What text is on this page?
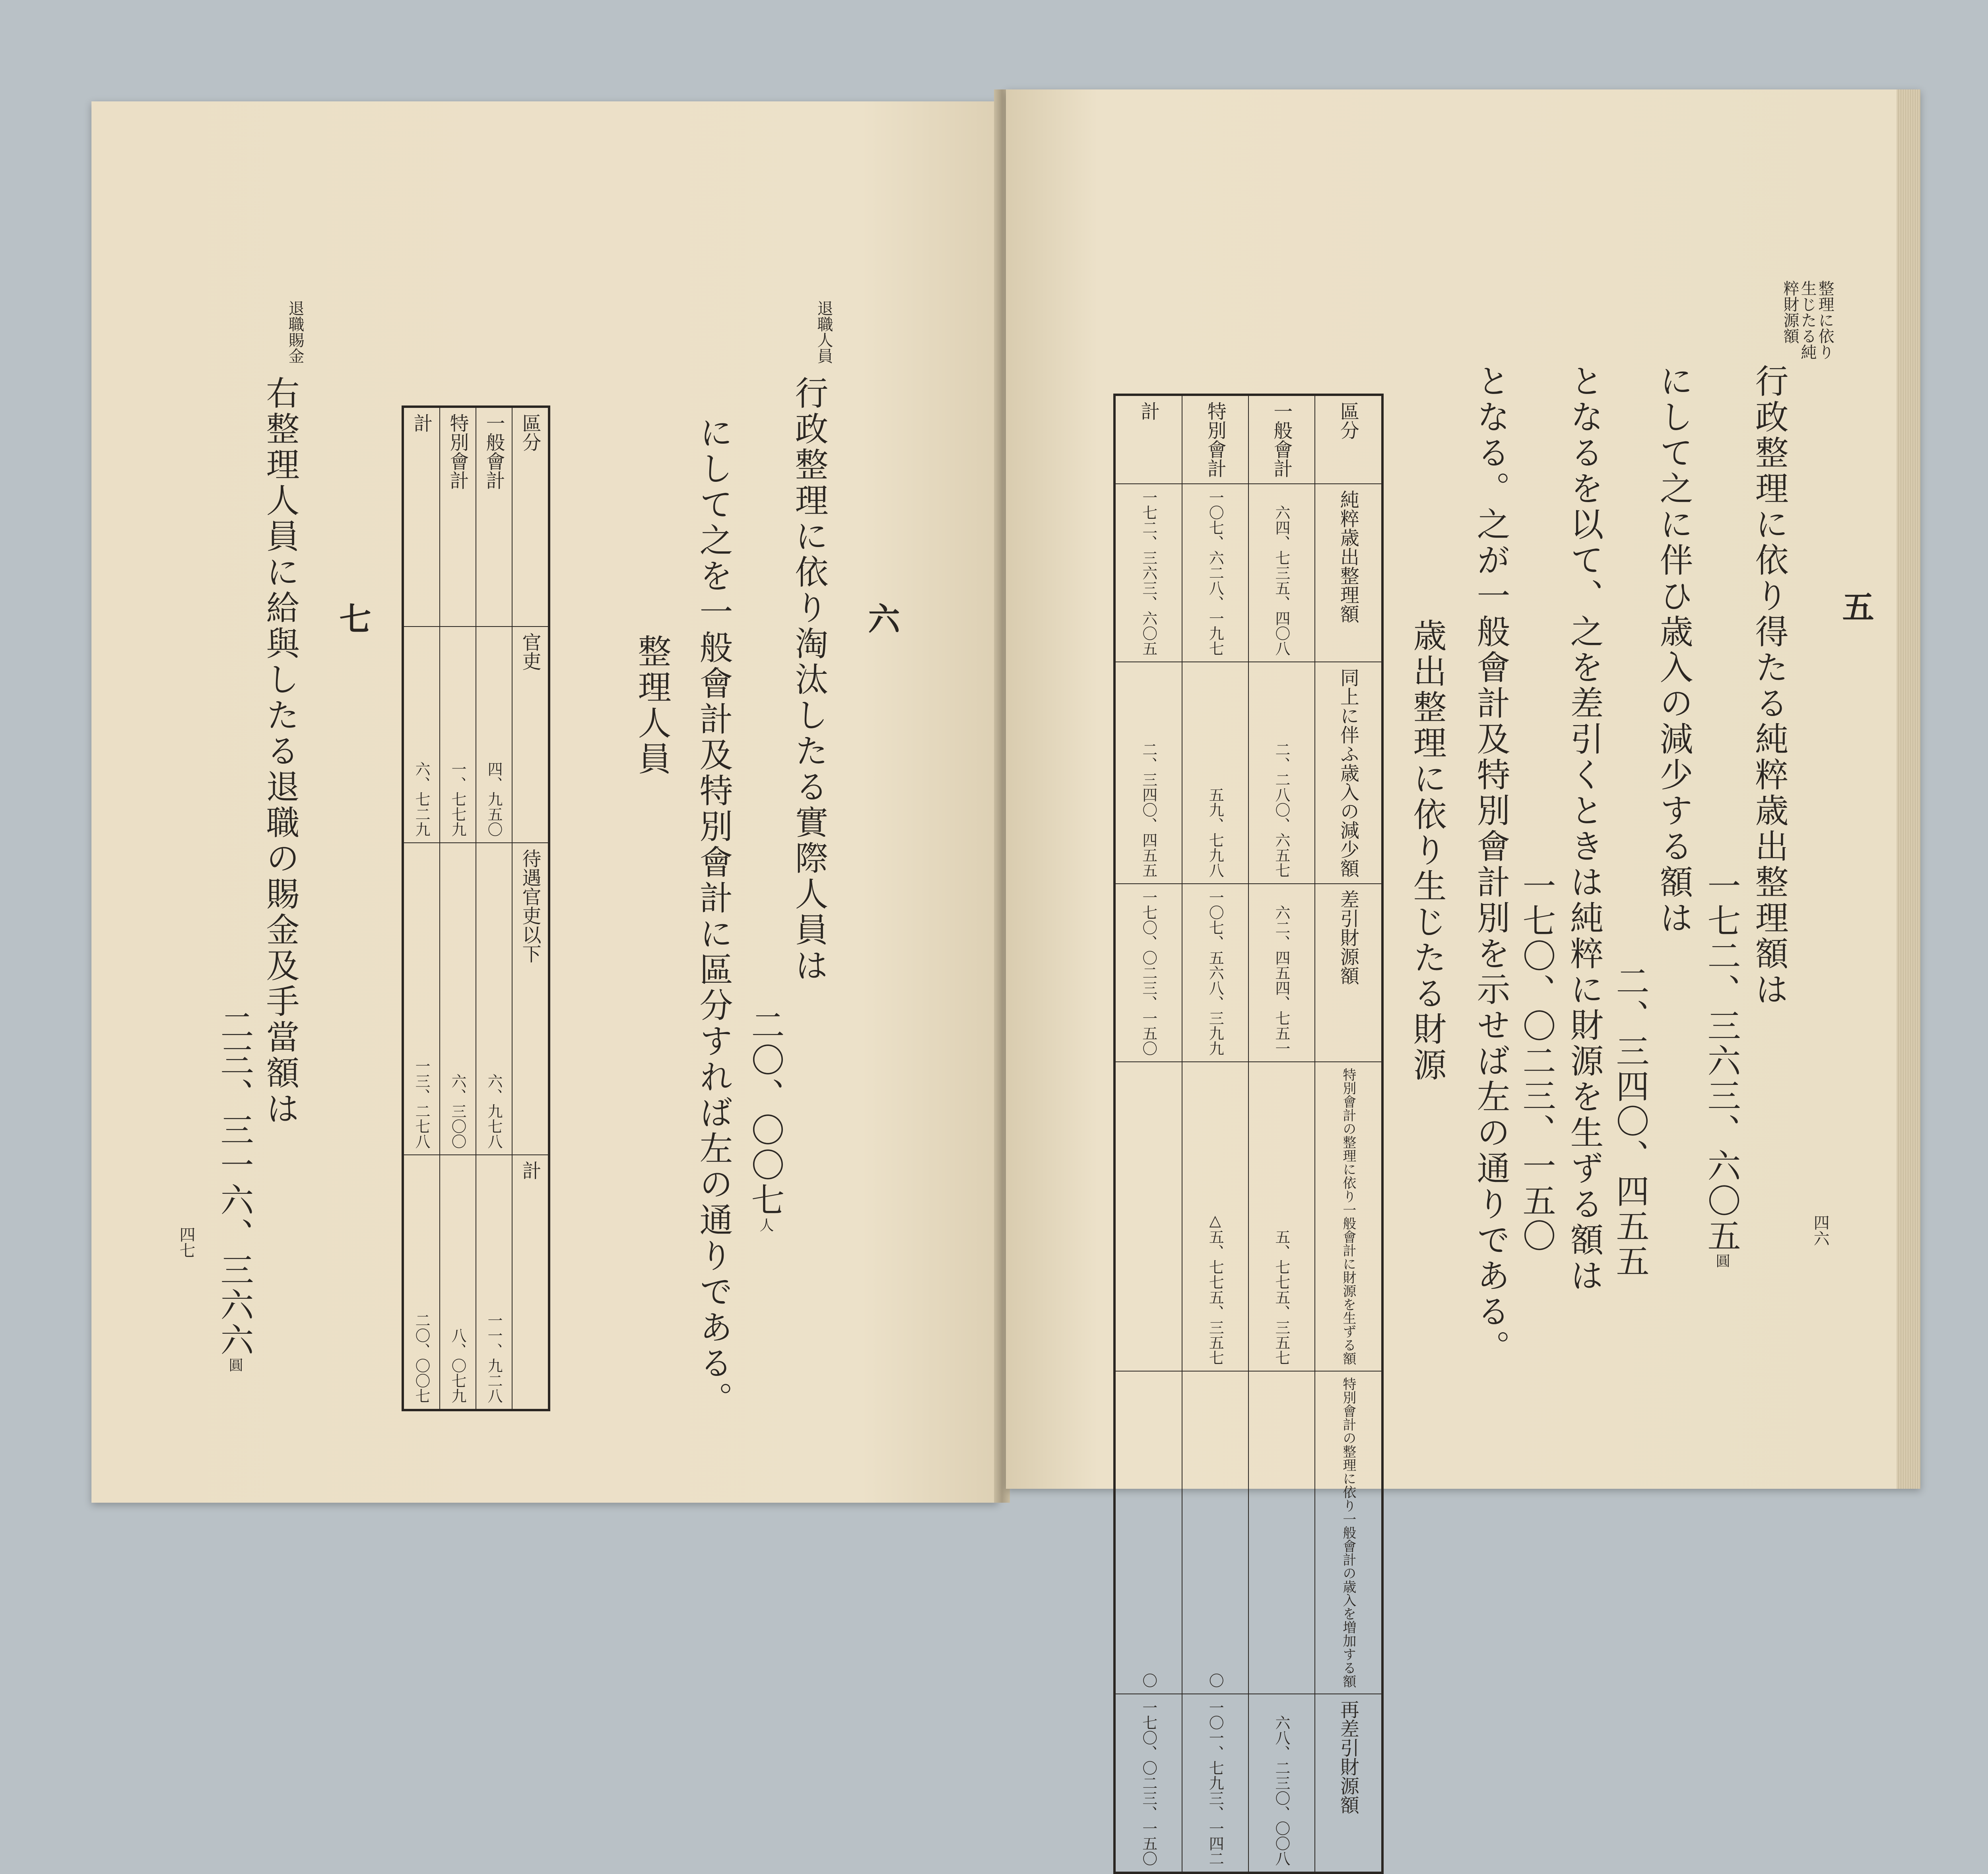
退職人員
行政整理に依り淘汰したる實際人員は 六
にして之を一般會計及特別會計に區分すれば左の通りである。 二〇、〇〇七人
整理人員
區分	官吏	待遇官吏以下	計
一般會計	四、九五〇	六、九七八	一一、九二八
特別會計	一、七七九	六、三〇〇	八、〇七九
計	六、七二九	一三、二七八	二〇、〇〇七
七
退職賜金
右整理人員に給與したる退職の賜金及手當額は
二三、三一六、三六六圓
四七
整理に依り生じたる純粹財源額
五
行政整理に依り得たる純粹歳出整理額は
一七二、三六三、六〇五圓
にして之に伴ひ歳入の減少する額は
二、三四〇、四五五
となるを以て、之を差引くときは純粹に財源を生ずる額は
一七〇、〇二三、一五〇
となる。之が一般會計及特別會計別を示せば左の通りである。
歳出整理に依り生じたる財源
區分	純粹歳出整理額	同上に伴ふ歳入の減少額	差引財源額	特別會計の整理に依り一般會計に財源を生ずる額	特別會計の整理に依り一般會計の歳入を増加する額	再差引財源額
一般會計	六四、七三五、四〇八	二、二八〇、六五七	六二、四五四、七五一	五、七七五、三五七		六八、二三〇、〇〇八
特別會計	一〇七、六二八、一九七	五九、七九八	一〇七、五六八、三九九	△五、七七五、三五七	〇	一〇一、七九三、一四二
計	一七二、三六三、六〇五	二、三四〇、四五五	一七〇、〇二三、一五〇		〇	一七〇、〇二三、一五〇
四六
